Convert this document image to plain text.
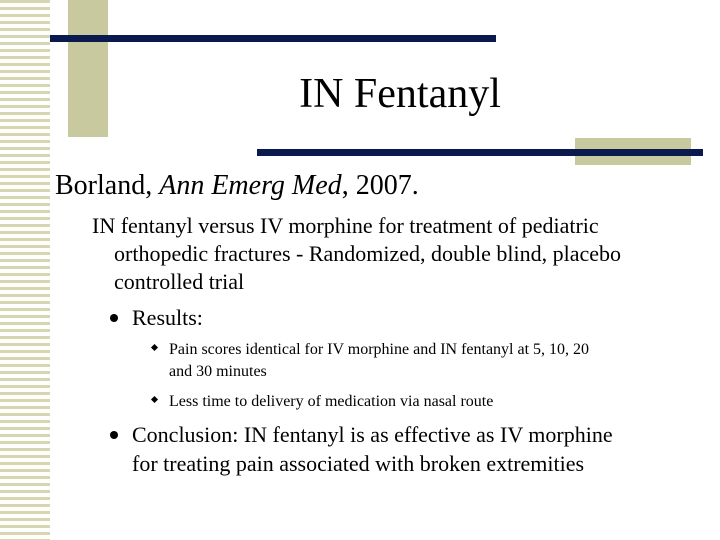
IN Fentanyl
Borland, Ann Emerg Med, 2007.
IN fentanyl versus IV morphine for treatment of pediatric
orthopedic fractures - Randomized, double blind, placebo
controlled trial
Results:
Pain scores identical for IV morphine and IN fentanyl at 5, 10, 20
and 30 minutes
Less time to delivery of medication via nasal route
Conclusion: IN fentanyl is as effective as IV morphine
for treating pain associated with broken extremities
